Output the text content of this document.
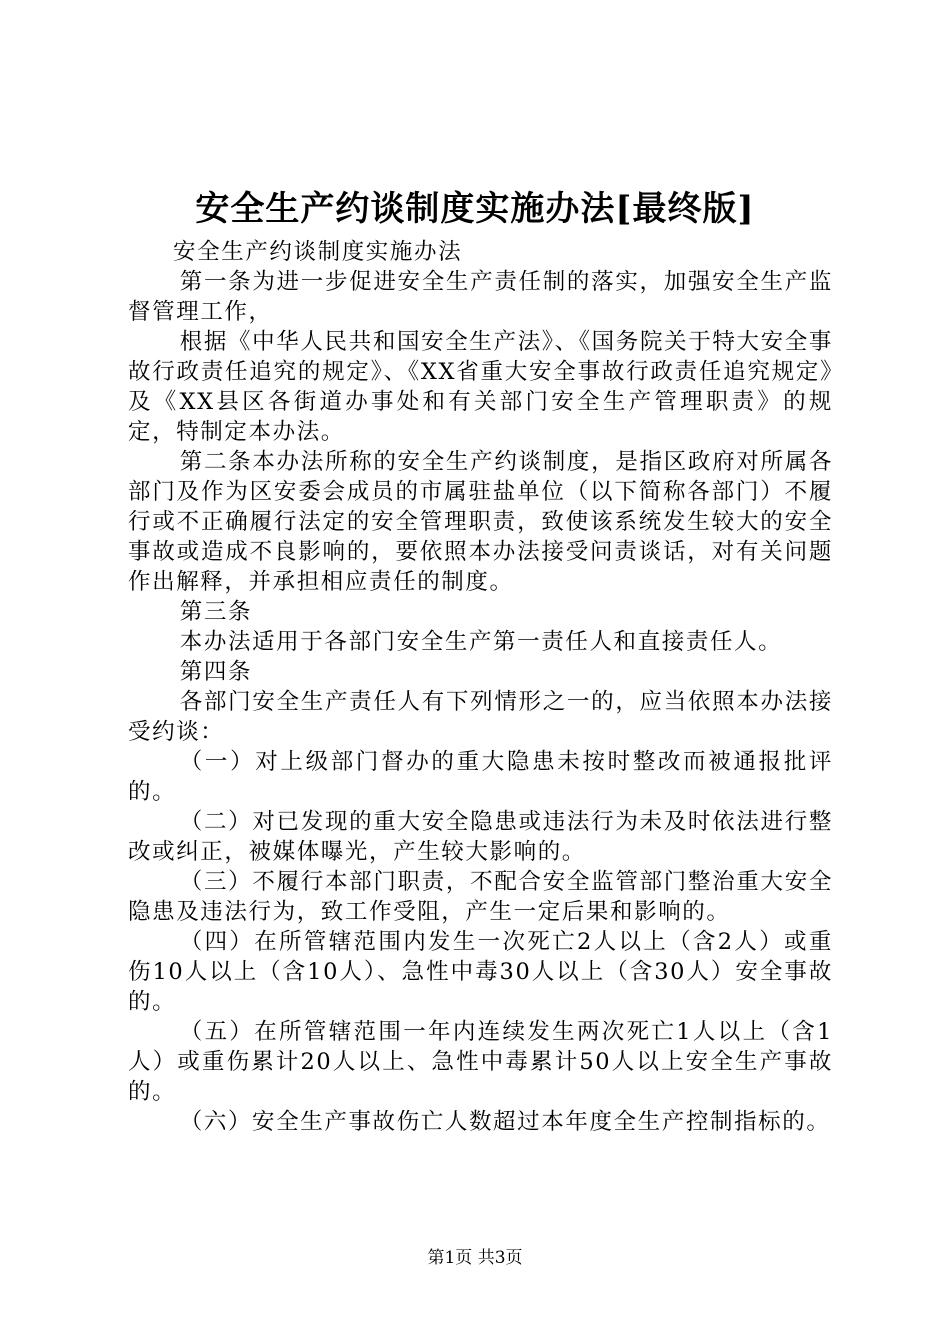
安全生产约谈制度实施办法[最终版]

安全生产约谈制度实施办法

第一条为进一步促进安全生产责任制的落实，加强安全生产监督管理工作，

根据《中华人民共和国安全生产法》、《国务院关于特大安全事故行政责任追究的规定》、《XX省重大安全事故行政责任追究规定》及《XX县区各街道办事处和有关部门安全生产管理职责》的规定，特制定本办法。

第二条本办法所称的安全生产约谈制度，是指区政府对所属各部门及作为区安委会成员的市属驻盐单位（以下简称各部门）不履行或不正确履行法定的安全管理职责，致使该系统发生较大的安全事故或造成不良影响的，要依照本办法接受问责谈话，对有关问题作出解释，并承担相应责任的制度。

第三条

本办法适用于各部门安全生产第一责任人和直接责任人。

第四条

各部门安全生产责任人有下列情形之一的，应当依照本办法接受约谈：

（一）对上级部门督办的重大隐患未按时整改而被通报批评的。

（二）对已发现的重大安全隐患或违法行为未及时依法进行整改或纠正，被媒体曝光，产生较大影响的。

（三）不履行本部门职责，不配合安全监管部门整治重大安全隐患及违法行为，致工作受阻，产生一定后果和影响的。

（四）在所管辖范围内发生一次死亡2人以上（含2人）或重伤10人以上（含10人）、急性中毒30人以上（含30人）安全事故的。

（五）在所管辖范围一年内连续发生两次死亡1人以上（含1人）或重伤累计20人以上、急性中毒累计50人以上安全生产事故的。

（六）安全生产事故伤亡人数超过本年度全生产控制指标的。

第1页 共3页
